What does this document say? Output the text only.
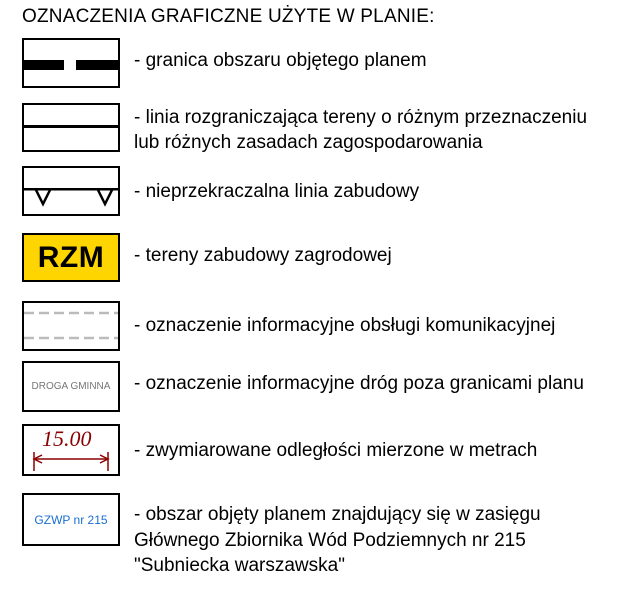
OZNACZENIA GRAFICZNE UŻYTE W PLANIE:
- granica obszaru objętego planem
- linia rozgraniczająca tereny o różnym przeznaczeniu
lub różnych zasadach zagospodarowania
- nieprzekraczalna linia zabudowy
RZM - tereny zabudowy zagrodowej
- oznaczenie informacyjne obsługi komunikacyjnej
DROGA GMINNA - oznaczenie informacyjne dróg poza granicami planu
15.00 - zwymiarowane odległości mierzone w metrach
GZWP nr 215 - obszar objęty planem znajdujący się w zasięgu
Głównego Zbiornika Wód Podziemnych nr 215
"Subniecka warszawska"
